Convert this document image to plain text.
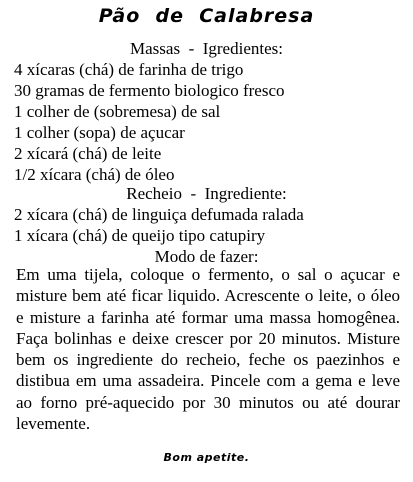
Pão  de  Calabresa
Massas  -  Igredientes:
4 xícaras (chá) de farinha de trigo
30 gramas de fermento biologico fresco
1 colher de (sobremesa) de sal
1 colher (sopa) de açucar
2 xícará (chá) de leite
1/2 xícara (chá) de óleo
Recheio  -  Ingrediente:
2 xícara (chá) de linguiça defumada ralada
1 xícara (chá) de queijo tipo catupiry
Modo de fazer:
Em uma tijela, coloque o fermento, o sal o açucar e misture bem até ficar liquido. Acrescente o leite, o óleo e misture a farinha até formar uma massa homogênea. Faça bolinhas e deixe crescer por 20 minutos. Misture bem os ingrediente do recheio, feche os paezinhos e distibua em uma assadeira. Pincele com a gema e leve ao forno pré-aquecido por 30 minutos ou até dourar levemente.
Bom apetite.
